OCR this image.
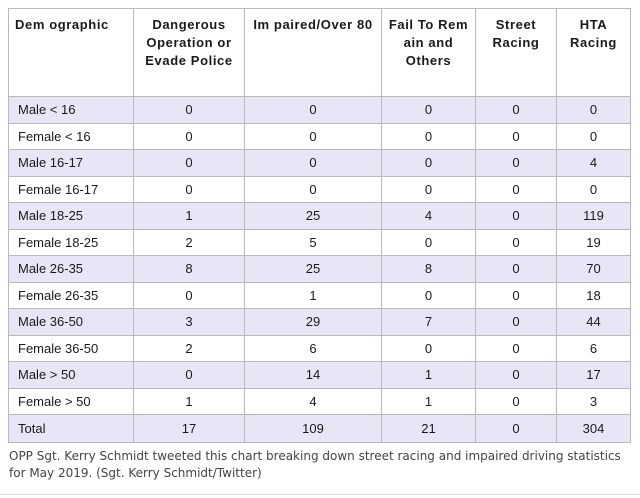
Dem ographic	Dangerous Operation or Evade Police	Im paired/Over 80	Fail To Rem ain and Others	Street Racing	HTA Racing
Male < 16	0	0	0	0	0
Female < 16	0	0	0	0	0
Male 16-17	0	0	0	0	4
Female 16-17	0	0	0	0	0
Male 18-25	1	25	4	0	119
Female 18-25	2	5	0	0	19
Male 26-35	8	25	8	0	70
Female 26-35	0	1	0	0	18
Male 36-50	3	29	7	0	44
Female 36-50	2	6	0	0	6
Male > 50	0	14	1	0	17
Female > 50	1	4	1	0	3
Total	17	109	21	0	304

OPP Sgt. Kerry Schmidt tweeted this chart breaking down street racing and impaired driving statistics for May 2019. (Sgt. Kerry Schmidt/Twitter)
